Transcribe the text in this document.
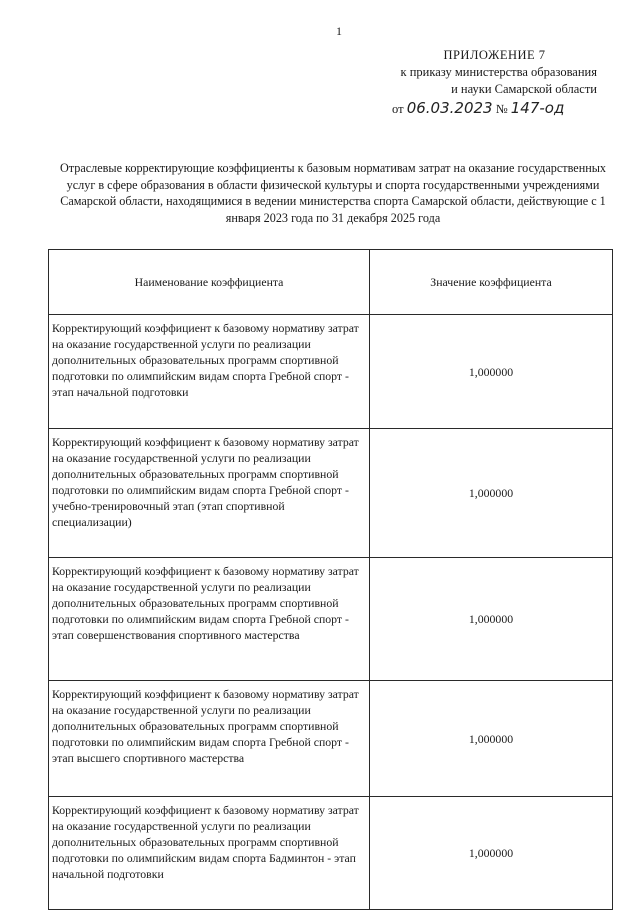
1
ПРИЛОЖЕНИЕ 7
к приказу министерства образования
и науки Самарской области
от 06.03.2023 № 147-од
Отраслевые корректирующие коэффициенты к базовым нормативам затрат на оказание государственных услуг в сфере образования в области физической культуры и спорта государственными учреждениями Самарской области, находящимися в ведении министерства спорта Самарской области, действующие с 1 января 2023 года по 31 декабря 2025 года
Наименование коэффициента	Значение коэффициента
Корректирующий коэффициент к базовому нормативу затрат на оказание государственной услуги по реализации дополнительных образовательных программ спортивной подготовки по олимпийским видам спорта Гребной спорт - этап начальной подготовки	1,000000
Корректирующий коэффициент к базовому нормативу затрат на оказание государственной услуги по реализации дополнительных образовательных программ спортивной подготовки по олимпийским видам спорта Гребной спорт - учебно-тренировочный этап (этап спортивной специализации)	1,000000
Корректирующий коэффициент к базовому нормативу затрат на оказание государственной услуги по реализации дополнительных образовательных программ спортивной подготовки по олимпийским видам спорта Гребной спорт - этап совершенствования спортивного мастерства	1,000000
Корректирующий коэффициент к базовому нормативу затрат на оказание государственной услуги по реализации дополнительных образовательных программ спортивной подготовки по олимпийским видам спорта Гребной спорт - этап высшего спортивного мастерства	1,000000
Корректирующий коэффициент к базовому нормативу затрат на оказание государственной услуги по реализации дополнительных образовательных программ спортивной подготовки по олимпийским видам спорта Бадминтон - этап начальной подготовки	1,000000
